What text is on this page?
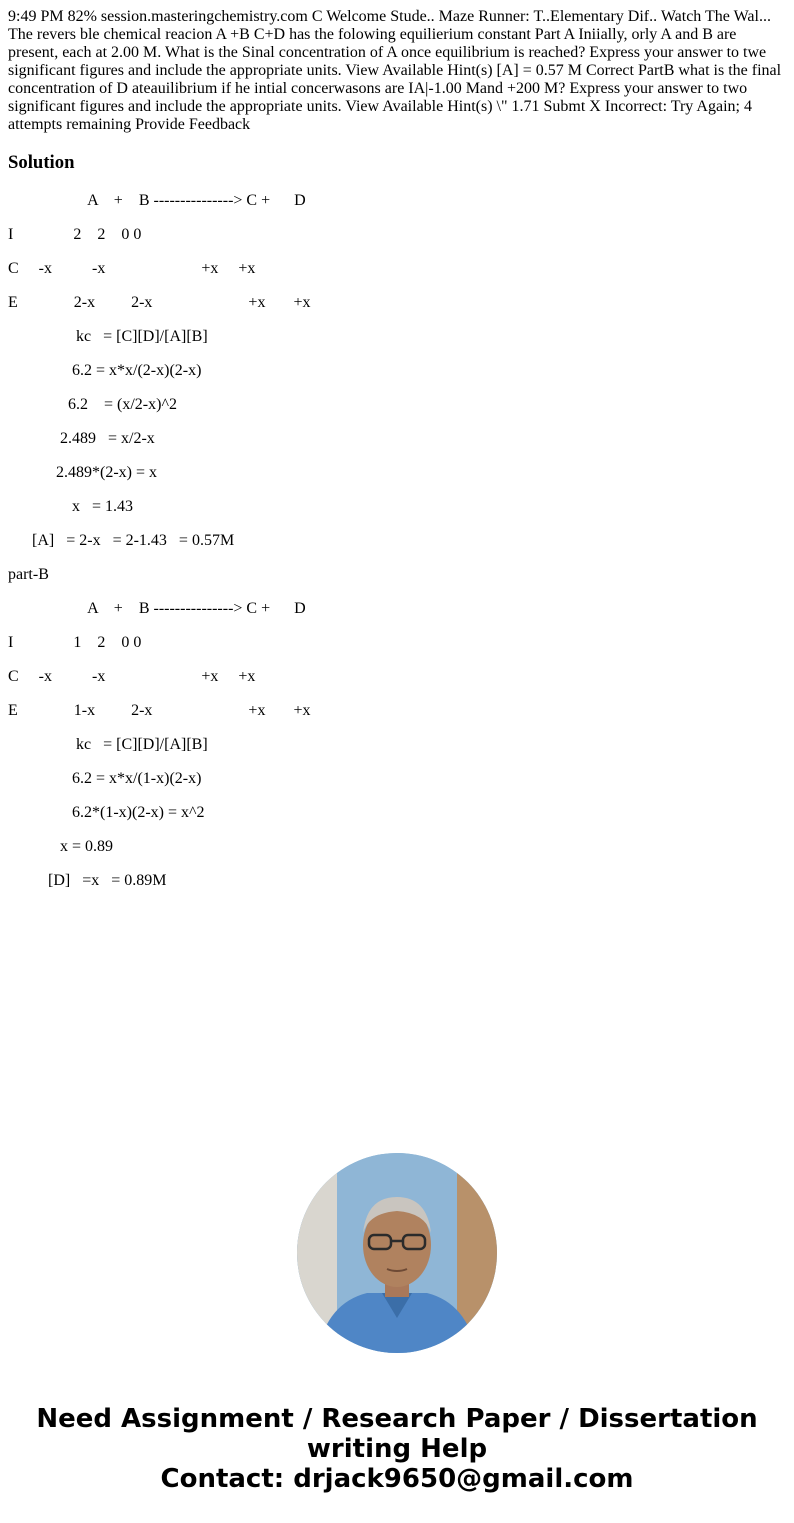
9:49 PM 82% session.masteringchemistry.com C Welcome Stude.. Maze Runner: T..Elementary Dif.. Watch The Wal... The revers ble chemical reacion A +B C+D has the folowing equilierium constant Part A Iniially, orly A and B are present, each at 2.00 M. What is the Sinal concentration of A once equilibrium is reached? Express your answer to twe significant figures and include the appropriate units. View Available Hint(s) [A] = 0.57 M Correct PartB what is the final concentration of D ateauilibrium if he intial concerwasons are IA|-1.00 Mand +200 M? Express your answer to two significant figures and include the appropriate units. View Available Hint(s) \" 1.71 Submt X Incorrect: Try Again; 4 attempts remaining Provide Feedback
Solution
A    +    B ---------------> C +      D
I               2    2    0 0
C     -x          -x                        +x     +x
E              2-x         2-x                        +x       +x
kc   = [C][D]/[A][B]
6.2 = x*x/(2-x)(2-x)
6.2    = (x/2-x)^2
2.489   = x/2-x
2.489*(2-x) = x
x   = 1.43
[A]   = 2-x   = 2-1.43   = 0.57M
part-B
A    +    B ---------------> C +      D
I               1    2    0 0
C     -x          -x                        +x     +x
E              1-x         2-x                        +x       +x
kc   = [C][D]/[A][B]
6.2 = x*x/(1-x)(2-x)
6.2*(1-x)(2-x) = x^2
x = 0.89
[D]   =x   = 0.89M
Need Assignment / Research Paper / Dissertation
writing Help
Contact: drjack9650@gmail.com
